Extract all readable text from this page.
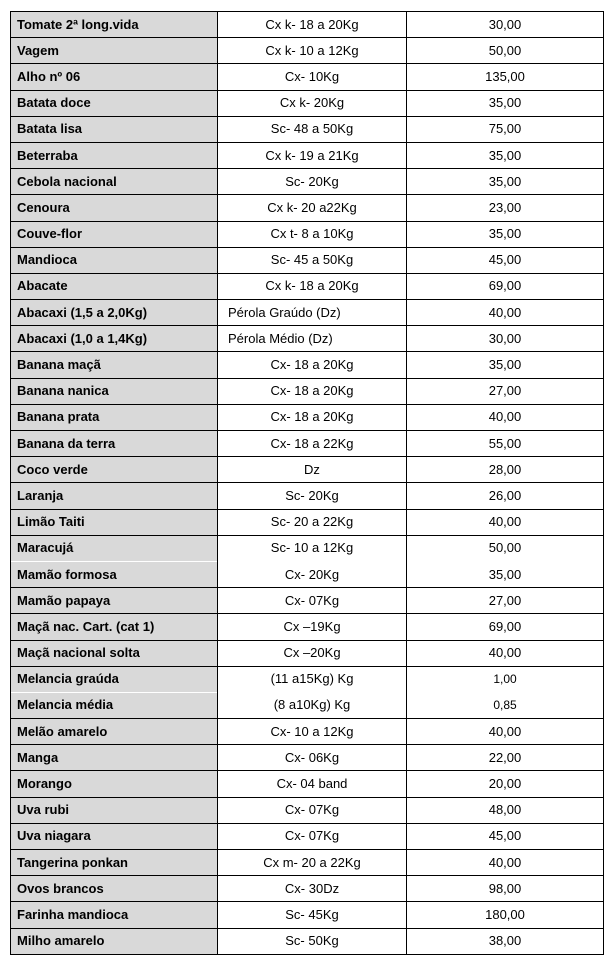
Tomate 2ª long.vida	Cx k- 18 a 20Kg	30,00
Vagem	Cx k- 10 a 12Kg	50,00
Alho nº 06	Cx- 10Kg	135,00
Batata doce	Cx k- 20Kg	35,00
Batata lisa	Sc- 48 a 50Kg	75,00
Beterraba	Cx k- 19 a 21Kg	35,00
Cebola nacional	Sc- 20Kg	35,00
Cenoura	Cx k- 20 a22Kg	23,00
Couve-flor	Cx t- 8 a 10Kg	35,00
Mandioca	Sc- 45 a 50Kg	45,00
Abacate	Cx k- 18 a 20Kg	69,00
Abacaxi (1,5 a 2,0Kg)	Pérola Graúdo (Dz)	40,00
Abacaxi (1,0 a 1,4Kg)	Pérola Médio (Dz)	30,00
Banana maçã	Cx- 18 a 20Kg	35,00
Banana nanica	Cx- 18 a 20Kg	27,00
Banana prata	Cx- 18 a 20Kg	40,00
Banana da terra	Cx- 18 a 22Kg	55,00
Coco verde	Dz	28,00
Laranja	Sc- 20Kg	26,00
Limão Taiti	Sc- 20 a 22Kg	40,00
Maracujá	Sc- 10 a 12Kg	50,00
Mamão formosa	Cx- 20Kg	35,00
Mamão papaya	Cx- 07Kg	27,00
Maçã nac. Cart. (cat 1)	Cx –19Kg	69,00
Maçã nacional solta	Cx –20Kg	40,00
Melancia graúda	(11 a15Kg) Kg	1,00
Melancia média	(8 a10Kg) Kg	0,85
Melão amarelo	Cx- 10 a 12Kg	40,00
Manga	Cx- 06Kg	22,00
Morango	Cx- 04 band	20,00
Uva rubi	Cx- 07Kg	48,00
Uva niagara	Cx- 07Kg	45,00
Tangerina ponkan	Cx m- 20 a 22Kg	40,00
Ovos brancos	Cx- 30Dz	98,00
Farinha mandioca	Sc- 45Kg	180,00
Milho amarelo	Sc- 50Kg	38,00
